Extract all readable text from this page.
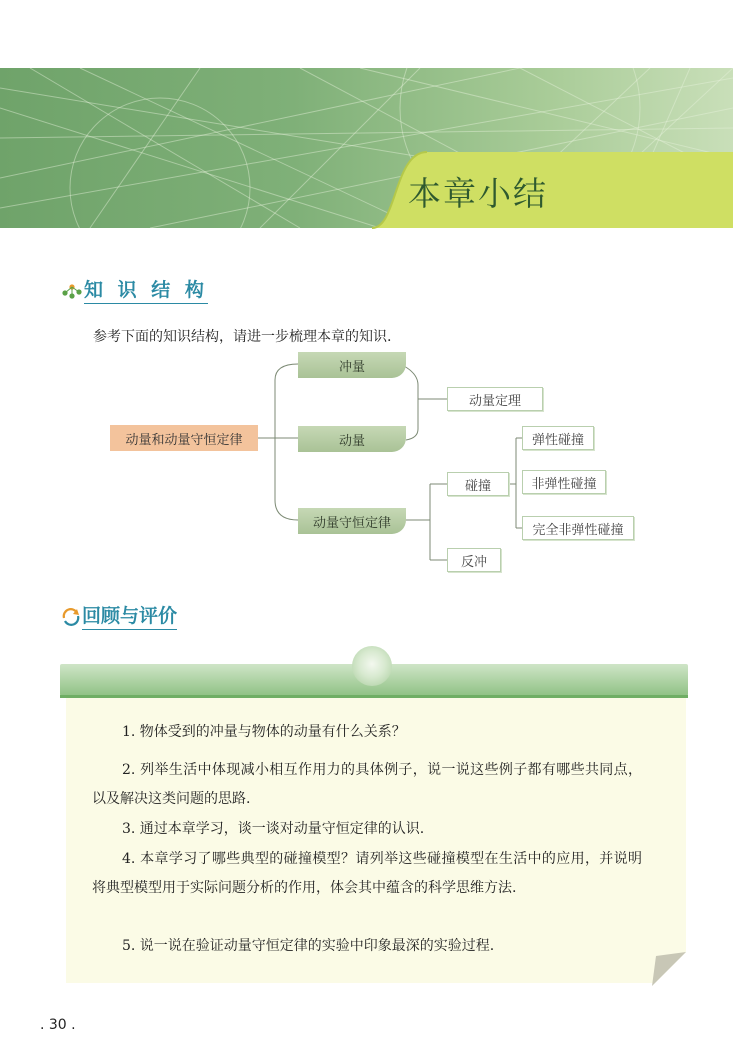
本章小结
知 识 结 构
参考下面的知识结构，请进一步梳理本章的知识.
动量和动量守恒定律
冲量
动量
动量守恒定律
动量定理
碰撞
反冲
弹性碰撞
非弹性碰撞
完全非弹性碰撞
回顾与评价
1. 物体受到的冲量与物体的动量有什么关系？
2. 列举生活中体现减小相互作用力的具体例子，说一说这些例子都有哪些共同点，以及解决这类问题的思路.
3. 通过本章学习，谈一谈对动量守恒定律的认识.
4. 本章学习了哪些典型的碰撞模型？请列举这些碰撞模型在生活中的应用，并说明将典型模型用于实际问题分析的作用，体会其中蕴含的科学思维方法.
5. 说一说在验证动量守恒定律的实验中印象最深的实验过程.
. 30 .
